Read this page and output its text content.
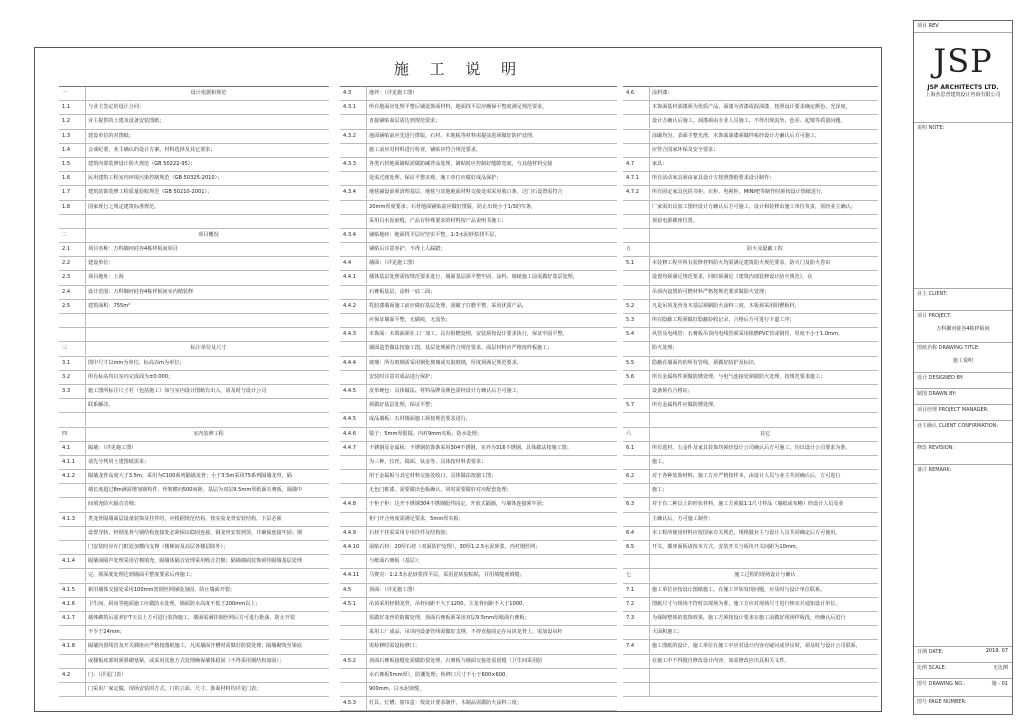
施 工 说 明
一	设计依据和规范
1.1	与业主签定的设计合同；
1.2	业主提供的土建及设备安装图纸；
1.3	建设单位的对图纸；
1.4	会谈纪要、业主确认的设计方案、材料选择及其它要求；
1.5	建筑内部装修设计防火规范（GB 50222-95）；
1.6	民用建筑工程室内环境污染控制规范（GB 50325-2010）；
1.7	建筑装饰装修工程质量验收规范（GB 50210-2001）；
1.8	国家现行之规定建筑标准规范。
二	项目概况
2.1	项目名称：万科御河硅谷4栋样板间项目
2.2	建设单位：
2.3	项目地址：上海
2.4	设计范围：万科御河硅谷4栋样板间室内精装修
2.5	建筑面积：755m²
三	标注单位及尺寸
3.1	图中尺寸以mm为单位，标高以m为单位；
3.2	所有标高均以室内完成面为±0.000；
3.3	施工图所标注尺寸若（包括施工）如与室内设计图纸有出入，请及时与设计公司
联系解决。
四	室内装修工程
4.1	隔墙：（详见施工图）
4.1.1	请先分判用土建图纸需求；
4.1.2	隔墙龙骨高度大于3.5m，采用为C100系列隔墙龙骨；小于3.5m采用75系列隔墙龙骨，隔
墙长度超过8m满需增加钢构件，骨架横向500间距，基层为双层9.5mm厚纸面石膏板，隔墙中
间填充防火隔音岩棉；
4.1.3	类龙骨隔墙面层设备装饰及挂件时，应根据规范结构，按实验龙骨安装结构，下层必须
设置导轨，轻钢龙骨与钢结构连接处必须保证稳固连接，钢龙骨安装到顶，并确保连接牢固；钢
门安装时应在门框处加横向支撑（楼梯间及高层各楼层除外）；
4.1.4	隔墙面隔声处理采用岩棉填充，隔墙体隔音处理采用吸音岩棉；隔墙墙面装饰须待隔墙基层处理
完，须深度处理达到墙面平整度要求后再施工；
4.1.5	新旧墙体交接处采用100mm宽钢丝网铺设加固，防止墙面开裂；
4.1.6	卫生间、厨房等地面施工应做防水处理，墙面防水高度不低于200mm以上；
4.1.7	墙体砌筑后需养护7天以上方可进行装饰施工，墙面需满挂钢丝网后方可进行批荡，防止开裂
不少于24mm；
4.1.8	隔墙内置线管及开关插座应严格按图纸施工，凡需墙面开槽时需做好防裂处理；隔墙砌筑至梁底
或楼板底部时须斜砌塞紧，或采用其他方式处理确保墙体稳固（不得采用钢结构加固）；
4.2	门：（详见门表）
门采用厂家定做，现场安装的方式，门的立面、尺寸、饰面材料均详见门表；
4.3	地坪：（详见施工图）
4.3.1	所有地面应处理平整后铺设饰面材料，地面找平层应确保平整度满足规范要求，
直接铺贴面层需达到规范要求；
4.3.2	地面铺贴前应先进行排版，石材、木地板等材料需提前进场做好防护处理，
施工前应对材料进行检查，铺贴应符合规范要求，
4.3.3	各类石材地面铺贴需做防碱背涂处理，铺贴时应控制好缝隙宽度，与其他材料交接
处需过渡处理，保证平整美观，施工单位应做好成品保护；
4.3.4	地毯铺设前须清理基层，地毯与其他地面材料交接处需采用收口条，过门石设置需符合
20mm厚度要求；石材地面铺贴前应做好排版，防止出现小于1/3的窄条，
采用白水泥嵌缝，产品有特殊要求的材料按产品说明书施工；
4.3.4	铺贴地砖：地面找平层应坚实平整，1:3水泥砂浆找平层，
铺贴后注意养护，不得上人踩踏；
4.4	墙面：（详见施工图）
4.4.1	墙体基层处理需按规范要求进行，墙面基层须平整牢固，涂料、墙纸施工前需做好基层处理，
石膏板基层，涂料一底二面；
4.4.2	乳胶漆墙面施工前应做好基层处理，刮腻子打磨平整，采用优质产品，
应保证墙面平整，无刷痕，无流坠；
4.4.3	木饰面：木饰面须在工厂加工，具有阻燃处理，安装须按设计要求执行，保证牢固平整，
墙面造型做法按施工图，基层处理须符合规范要求，面层材料应严格按样板施工；
4.4.4	玻璃：所有玻璃需采用钢化玻璃或夹胶玻璃，厚度须满足规范要求，
安装时注意对成品进行保护；
4.4.5	皮革硬包：具体做法、材料品牌及颜色需经设计方确认后方可施工，
须做好基层处理，保证平整；
4.4.5	成品墙板：石材墙面施工须按规范要求进行，
4.4.6	镜子：5mm厚银镜，内衬9mm夹板，防水处理；
4.4.7	不锈钢及金属板：不锈钢装饰条采用304不锈钢，室外为316不锈钢，具体做法按施工图；
为三种，拉丝、镜面、钛金等，具体按材料表要求；
用于金属板与其它材料交接处收口，具体做法按施工图；
无色门框漆，需要做出色板确认，同时需要做好对应配套处理；
4.4.8	于柜子柜：达开不锈钢304不锈钢配件固定，开放式隔墙，与墙体连接须牢固；
柜门开合角度需满足要求，5mm厚夹板；
4.4.9	石材干挂需采用专用挂件及结构胶；
4.4.10	湿贴石材：20厚石材（双面防护处理），30厚1:2.5水泥砂浆，内衬钢丝网；
与纸面石膏板（基层）；
4.4.11	马赛克：1:2.5水泥砂浆找平层，采用瓷砖胶粘贴，并用填缝剂填缝；
4.5	顶面：（详见施工图）
4.5.1	吊顶采用轻钢龙骨，吊杆间距不大于1200，主龙骨间距不大于1000，
需做好龙骨的防腐处理，顶面石膏板须采用双层9.5mm厚纸面石膏板；
采用工厂成品，吊顶内设备管线需做好支撑，不得直接固定在吊顶龙骨上，需加设吊杆
需检修时需设检修口；
4.5.2	顶面石膏板接缝处需做防裂处理，石膏板与墙面交接处需留缝（卫生间采用防
水石膏板5mm厚），防潮处理；检修口尺寸不小于600×600，
900mm，白水泥嵌缝，
4.5.3	灯具、灯槽、窗帘盒：按设计要求制作，木制品需做防火涂料三度；
4.6	涂料漆：
木饰面基材油漆须为优质产品，面漆为清漆或混油漆，按照设计要求确定颜色、光泽度，
设计方确认后施工。油漆须由专业人员施工，不得出现流坠、色差、起皱等质量问题，
涂刷均匀，表面平整光滑，木饰面油漆须做样板经设计方确认后方可施工，
应符合国家环保及安全要求；
4.7	家具：
4.7.1	所有活动家具须由家具设计方按照图纸要求设计制作；
4.7.2	所有固定家具包括书柜、衣柜、电视柜、MINI吧等制作时须按设计图纸进行，
厂家需出具加工图经设计方确认后方可施工，设计和装修由施工单位负责，需经业主确认；
预留电源插座位置。
五	防火及隐蔽工程
5.1	本装修工程中所有装修材料防火均需满足建筑防火规范要求，防火门及防火卷帘
设置均须满足规范要求，同时须满足《建筑内部装修设计防火规范》，在
吊顶内设置的可燃材料严格按规范要求做防火处理；
5.2	凡是吊顶龙骨及木基层须刷防火涂料三度，木板须采用阻燃板材，
5.3	所有隐蔽工程须做好隐蔽验收记录，合格后方可进行下道工序；
5.4	风管及电线管：石膏板吊顶内电线管须采用阻燃PVC管或钢管，厚度不小于1.0mm，
防火处理；
5.5	隐蔽在墙面内的所有管线，须做好防护及标识，
5.6	所有金属构件须做防锈处理，与电气连接处须做防火处理，按规范要求施工；
设备须有合格证；
5.7	所有金属构件应做防锈处理。
六	其它
6.1	所有选材、五金件及家具装饰均须经设计公司确认后方可施工，均以设计公司要求为准，
施工。
6.2	对于各种装饰材料，施工方应严格按样本，由设计人员与业主共同确认后，方可进行
施工；
6.3	对于有二种以上的形状材料，施工方须做1:1尺寸样品（墙纸或布幔）经设计人员及业
主确认后，方可施工制作；
6.4	本工程所使用材料应按国家有关规范，规格做业主与设计人员共同确定后方可使用。
6.5	开关、插座面板请按本方式，安装开关与板块开关间距为10mm。
七	施工过程的现场设计与确认
7.1	施工单位应按设计图纸施工，在施工中如发现问题，应及时与设计单位联系。
7.2	图纸尺寸与现场不符时以现场为准，施工方应对现场尺寸进行核实并通知设计单位。
7.3	为保障整体的装饰效果，施工方须按设计要求在施工前做好现场样板段，经确认后进行
大面积施工；
7.4	施工图纸的设计，施工单位在施工中应对设计内容有疑问或异议时，须及时与设计公司联系，
在施工中不得擅自修改设计内容，如需修改应出具相关文件。
项目 REV
JSP
JSP ARCHITECTS LTD.
上海杰思普建筑设计咨询有限公司
说明 NOTE:
业主 CLIENT:
项目 PROJECT:
万科御河硅谷4栋样板间
图纸名称 DRAWING TITLE:
施工说明
设计 DESIGNED BY:
制图 DRAWN BY:
项目经理 PROJECT MANAGER:
业主确认 CLIENT CONFIRMATION:
修改 REVISION:
备注 REMARK:
日期 DATE:	2019. 07
比例 SCALE:	无比例
图号 DRAWING NO.:	施 - 01
图号 PAGE NUMBER:
